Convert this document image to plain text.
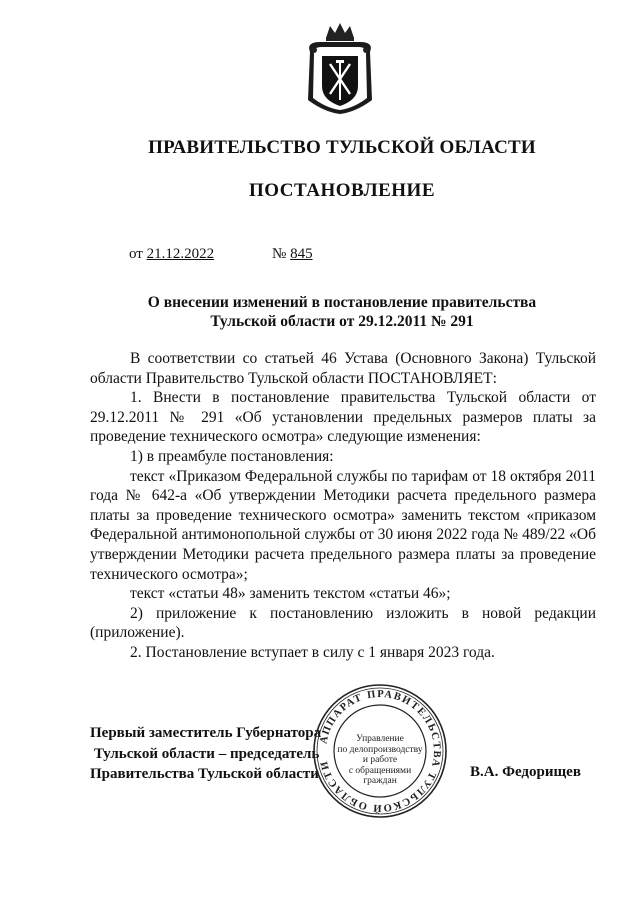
ПРАВИТЕЛЬСТВО ТУЛЬСКОЙ ОБЛАСТИ
ПОСТАНОВЛЕНИЕ
от 21.12.2022	№ 845
О внесении изменений в постановление правительства
Тульской области от 29.12.2011 № 291

В соответствии со статьей 46 Устава (Основного Закона) Тульской области Правительство Тульской области ПОСТАНОВЛЯЕТ:

1. Внести в постановление правительства Тульской области от 29.12.2011 № 291 «Об установлении предельных размеров платы за проведение технического осмотра» следующие изменения:

1) в преамбуле постановления:

текст «Приказом Федеральной службы по тарифам от 18 октября 2011 года № 642-а «Об утверждении Методики расчета предельного размера платы за проведение технического осмотра» заменить текстом «приказом Федеральной антимонопольной службы от 30 июня 2022 года № 489/22 «Об утверждении Методики расчета предельного размера платы за проведение технического осмотра»;

текст «статьи 48» заменить текстом «статьи 46»;

2) приложение к постановлению изложить в новой редакции (приложение).

2. Постановление вступает в силу с 1 января 2023 года.

Первый заместитель Губернатора
Тульской области – председатель
Правительства Тульской области	В.А. Федорищев
АППАРАТ ПРАВИТЕЛЬСТВА ТУЛЬСКОЙ ОБЛАСТИ
Управление
по делопроизводству
и работе
с обращениями
граждан
